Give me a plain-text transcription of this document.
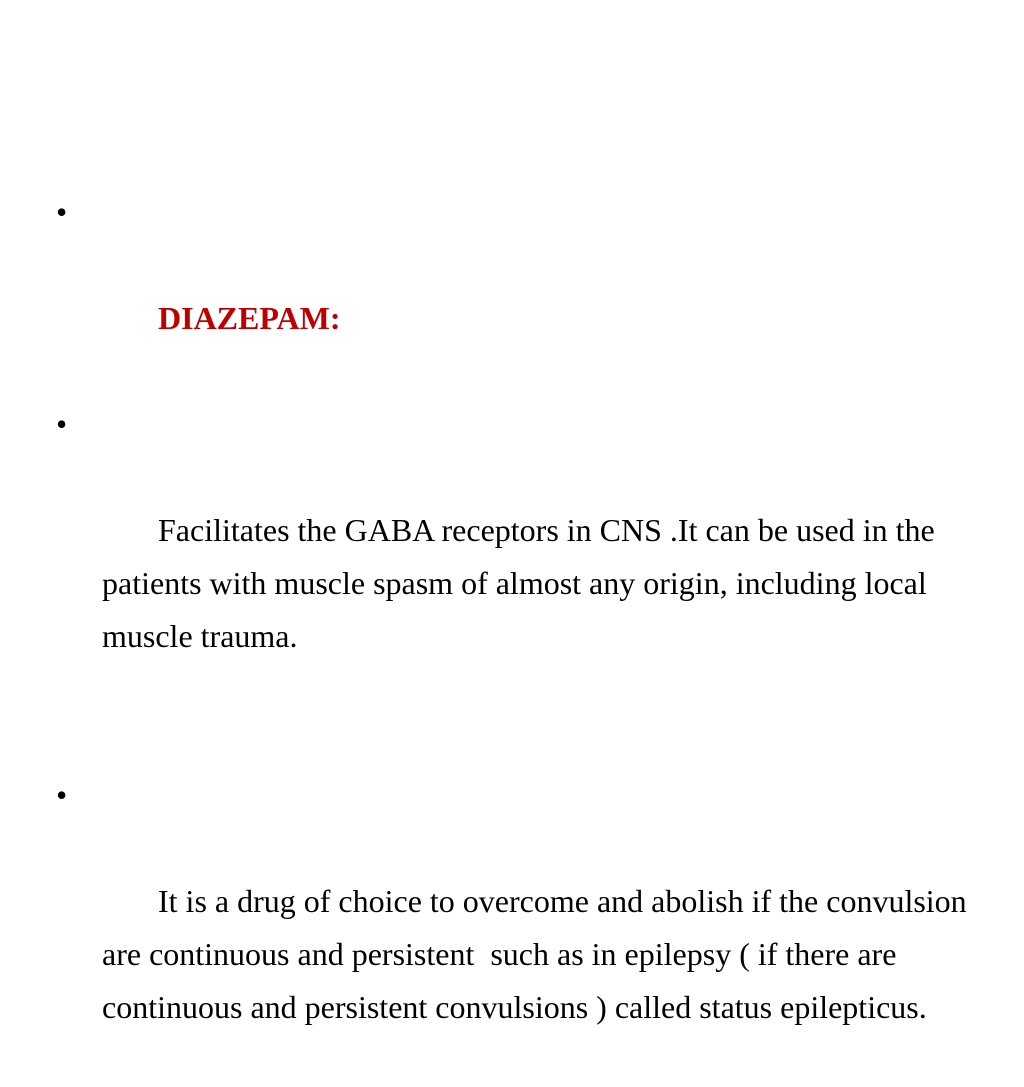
•

DIAZEPAM:

•

Facilitates the GABA receptors in CNS .It can be used in the patients with muscle spasm of almost any origin, including local muscle trauma.

•

It is a drug of choice to overcome and abolish if the convulsion are continuous and persistent  such as in epilepsy ( if there are continuous and persistent convulsions ) called status epilepticus.
